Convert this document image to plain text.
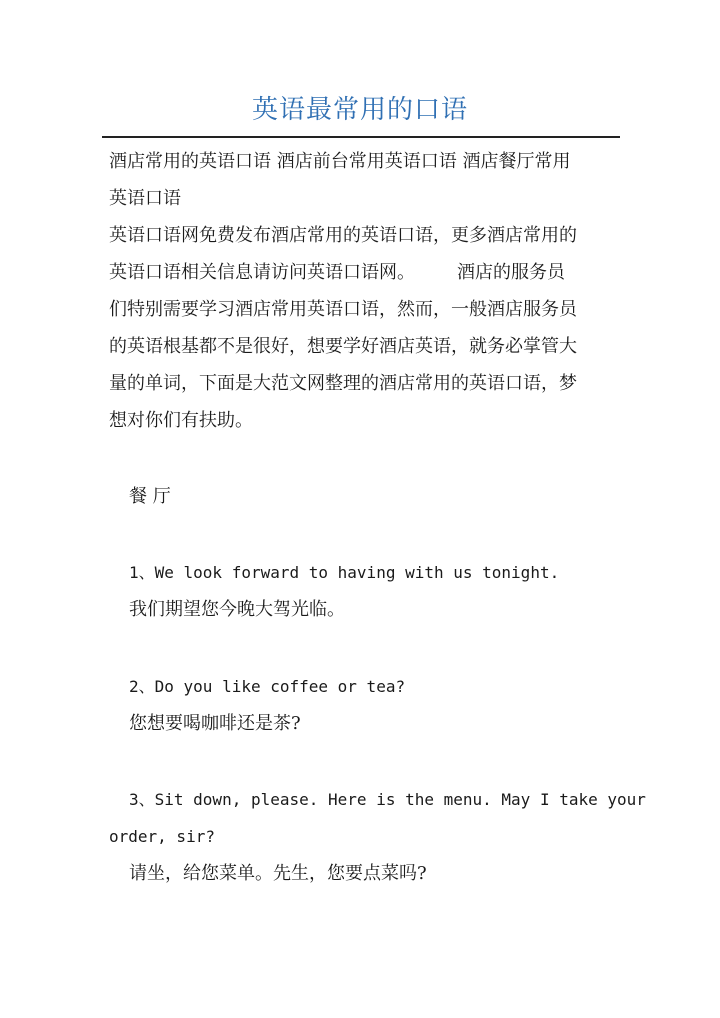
英语最常用的口语
酒店常用的英语口语 酒店前台常用英语口语 酒店餐厅常用
英语口语
英语口语网免费发布酒店常用的英语口语，更多酒店常用的
英语口语相关信息请访问英语口语网。 酒店的服务员
们特别需要学习酒店常用英语口语，然而，一般酒店服务员
的英语根基都不是很好，想要学好酒店英语，就务必掌管大
量的单词，下面是大范文网整理的酒店常用的英语口语，梦
想对你们有扶助。
餐 厅
1、We look forward to having with us tonight.
我们期望您今晚大驾光临。
2、Do you like coffee or tea?
您想要喝咖啡还是茶?
3、Sit down, please. Here is the menu. May I take your
order, sir?
请坐，给您菜单。先生，您要点菜吗?
